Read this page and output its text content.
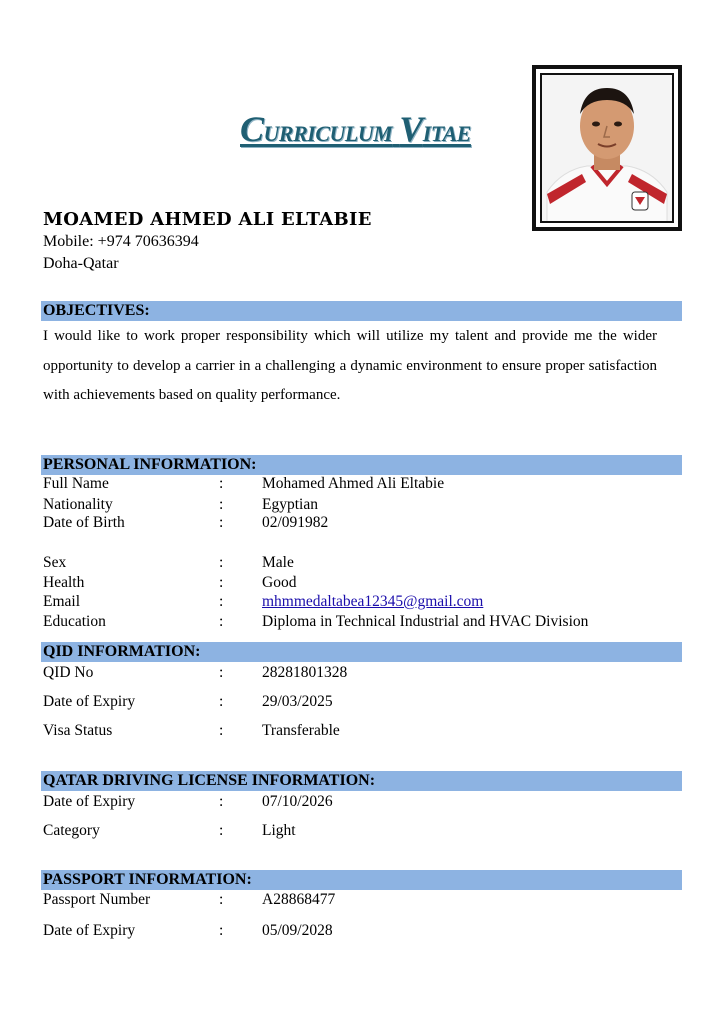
CURRICULUM VITAE
MOAMED AHMED ALI ELTABIE
Mobile: +974 70636394
Doha-Qatar
OBJECTIVES:
I would like to work proper responsibility which will utilize my talent and provide me the wider opportunity to develop a carrier in a challenging a dynamic environment to ensure proper satisfaction with achievements based on quality performance.
PERSONAL INFORMATION:
Full Name	: Mohamed Ahmed Ali Eltabie
Nationality	: Egyptian
Date of Birth	: 02/091982
Sex	: Male
Health	: Good
Email	: mhmmedaltabea12345@gmail.com
Education	: Diploma in Technical Industrial and HVAC Division
QID INFORMATION:
QID No	: 28281801328
Date of Expiry	: 29/03/2025
Visa Status	: Transferable
QATAR DRIVING LICENSE INFORMATION:
Date of Expiry	: 07/10/2026
Category	: Light
PASSPORT INFORMATION:
Passport Number	: A28868477
Date of Expiry	: 05/09/2028
